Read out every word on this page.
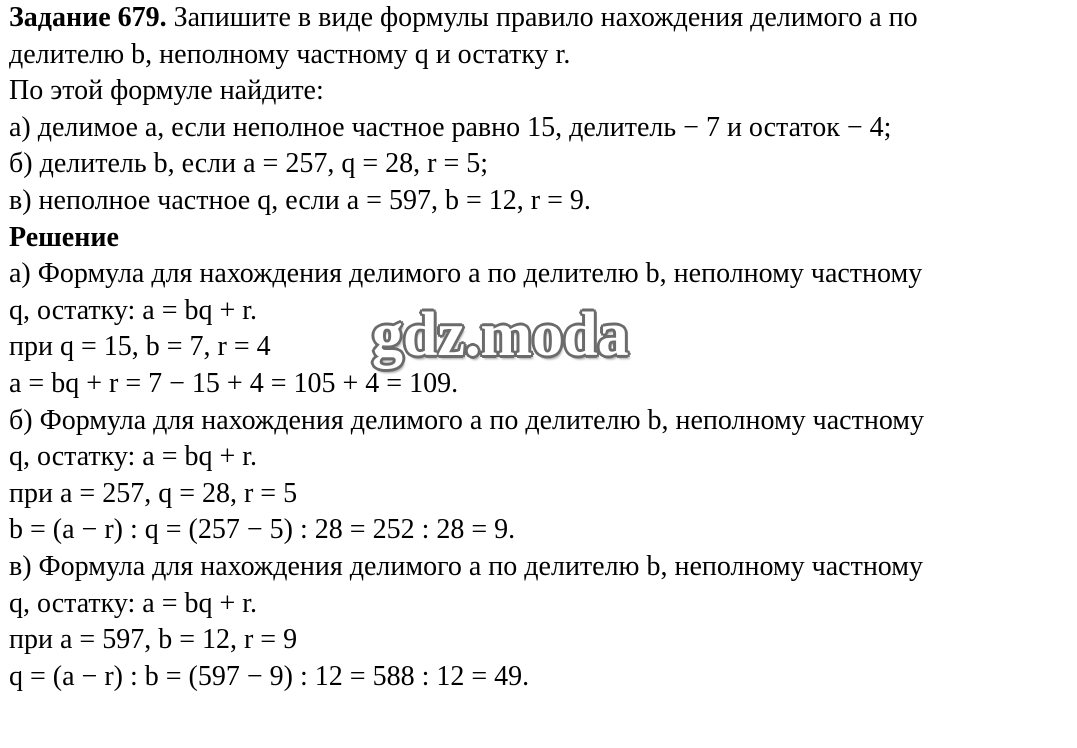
Задание 679. Запишите в виде формулы правило нахождения делимого a по
делителю b, неполному частному q и остатку r.
По этой формуле найдите:
а) делимое a, если неполное частное равно 15, делитель − 7 и остаток − 4;
б) делитель b, если a = 257, q = 28, r = 5;
в) неполное частное q, если a = 597, b = 12, r = 9.
Решение
а) Формула для нахождения делимого a по делителю b, неполному частному
q, остатку: a = bq + r.
при q = 15, b = 7, r = 4
a = bq + r = 7 − 15 + 4 = 105 + 4 = 109.
б) Формула для нахождения делимого a по делителю b, неполному частному
q, остатку: a = bq + r.
при a = 257, q = 28, r = 5
b = (a − r) : q = (257 − 5) : 28 = 252 : 28 = 9.
в) Формула для нахождения делимого a по делителю b, неполному частному
q, остатку: a = bq + r.
при a = 597, b = 12, r = 9
q = (a − r) : b = (597 − 9) : 12 = 588 : 12 = 49.
gdz.moda
